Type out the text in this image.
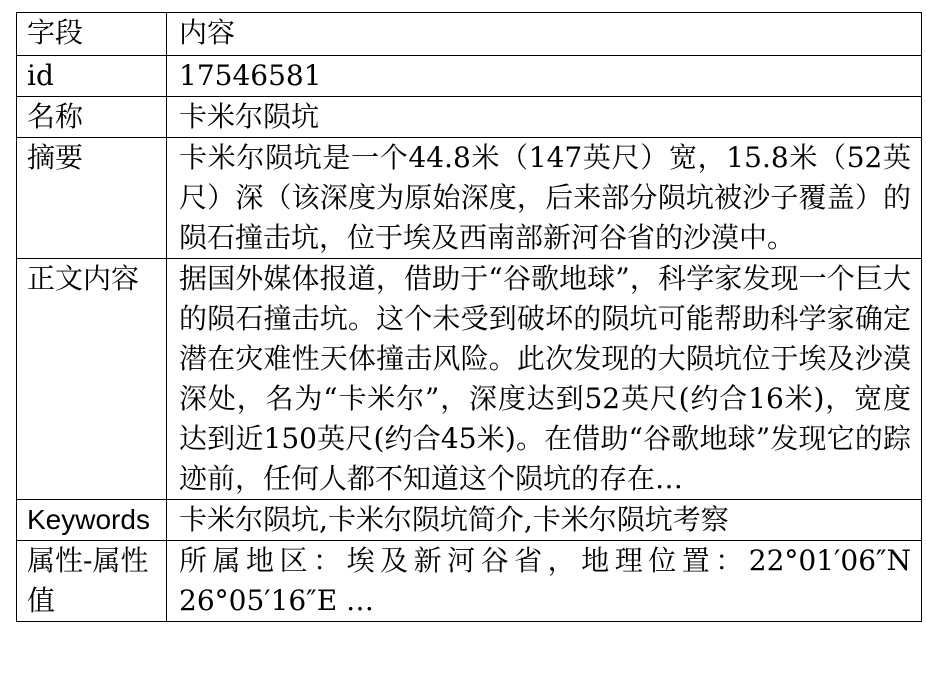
字段	内容
id	17546581
名称	卡米尔陨坑
摘要	卡米尔陨坑是一个44.8米（147英尺）宽，15.8米（52英尺）深（该深度为原始深度，后来部分陨坑被沙子覆盖）的陨石撞击坑，位于埃及西南部新河谷省的沙漠中。
正文内容	据国外媒体报道，借助于“谷歌地球”，科学家发现一个巨大的陨石撞击坑。这个未受到破坏的陨坑可能帮助科学家确定潜在灾难性天体撞击风险。此次发现的大陨坑位于埃及沙漠深处，名为“卡米尔”，深度达到52英尺(约合16米)，宽度达到近150英尺(约合45米)。在借助“谷歌地球”发现它的踪迹前，任何人都不知道这个陨坑的存在…
Keywords	卡米尔陨坑,卡米尔陨坑简介,卡米尔陨坑考察
属性-属性值	所属地区：埃及新河谷省，地理位置：22°01′06″N 26°05′16″E …
